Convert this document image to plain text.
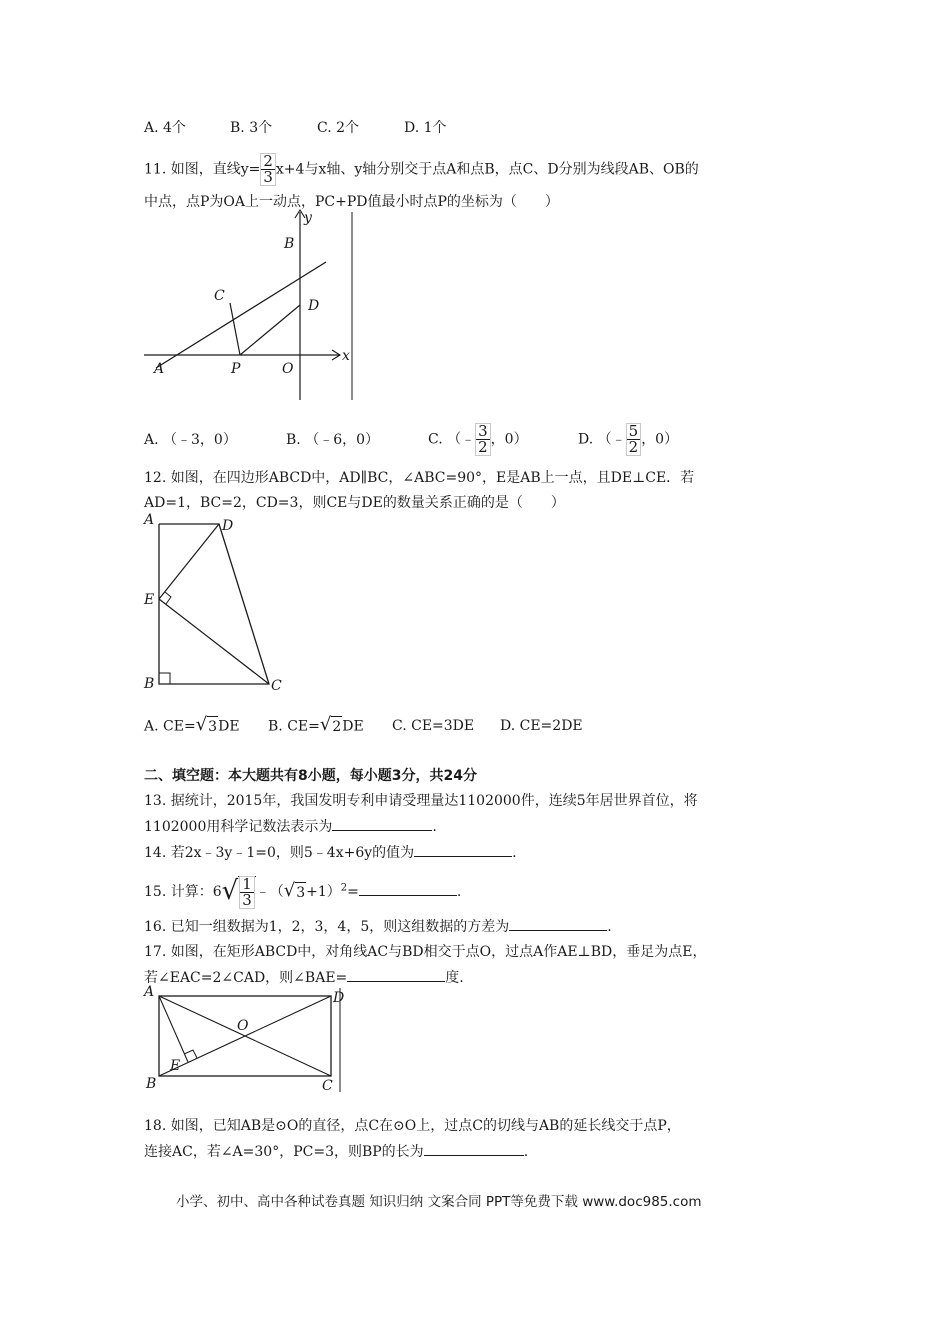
A. 4个	B. 3个	C. 2个	D. 1个
11. 如图，直线$y= \frac{2}{3} x+4$与x轴、y轴分别交于点A和点B，点C、D分别为线段AB、OB的
中点，点P为OA上一动点，PC+PD值最小时点P的坐标为（　　）
y
x
B
C
D
A	P	O
A. （﹣3，0）	B. （﹣6，0）	C. （﹣ $\frac{3}{2}$ ，0）	D. （﹣ $\frac{5}{2}$ ，0）
12. 如图，在四边形ABCD中，AD∥BC，∠ABC=90°，E是AB上一点，且DE⊥CE．若
AD=1，BC=2，CD=3，则CE与DE的数量关系正确的是（　　）
A	D
E
B	C
A. CE= √ 3 DE B. CE= √ 2 DE C. CE=3DE D. CE=2DE
二、填空题：本大题共有8小题，每小题3分，共24分
13. 据统计，2015年，我国发明专利申请受理量达1102000件，连续5年居世界首位，将
1102000用科学记数法表示为	.
14. 若2x﹣3y﹣1=0，则5﹣4x+6y的值为	.
15. 计算：6 √ $\frac{1}{3}$ ﹣（ √ 3 +1）$^2$=	.
16. 已知一组数据为1，2，3，4，5，则这组数据的方差为	.
17. 如图，在矩形ABCD中，对角线AC与BD相交于点O，过点A作AE⊥BD，垂足为点E，
若∠EAC=2∠CAD，则∠BAE=	度.
A	D
O
E
B	C
18. 如图，已知AB是⊙O的直径，点C在⊙O上，过点C的切线与AB的延长线交于点P，
连接AC，若∠A=30°，PC=3，则BP的长为	.
小学、初中、高中各种试卷真题 知识归纳 文案合同 PPT等免费下载 www.doc985.com
